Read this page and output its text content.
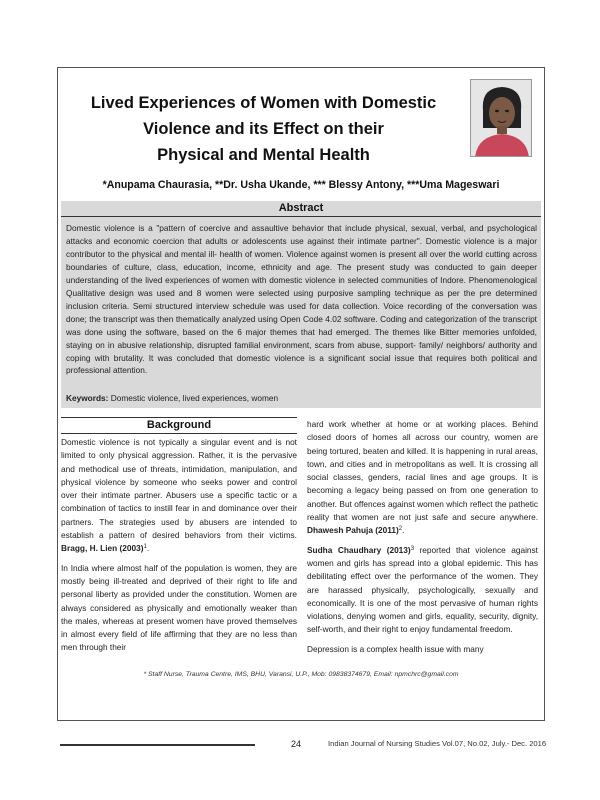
Lived Experiences of Women with Domestic
Violence and its Effect on their
Physical and Mental Health
*Anupama Chaurasia, **Dr. Usha Ukande, *** Blessy Antony, ***Uma Mageswari
Abstract
Domestic violence is a "pattern of coercive and assaultive behavior that include physical, sexual, verbal, and psychological attacks and economic coercion that adults or adolescents use against their intimate partner". Domestic violence is a major contributor to the physical and mental ill- health of women. Violence against women is present all over the world cutting across boundaries of culture, class, education, income, ethnicity and age. The present study was conducted to gain deeper understanding of the lived experiences of women with domestic violence in selected communities of Indore. Phenomenological Qualitative design was used and 8 women were selected using purposive sampling technique as per the pre determined inclusion criteria. Semi structured interview schedule was used for data collection. Voice recording of the conversation was done; the transcript was then thematically analyzed using Open Code 4.02 software. Coding and categorization of the transcript was done using the software, based on the 6 major themes that had emerged. The themes like Bitter memories unfolded, staying on in abusive relationship, disrupted familial environment, scars from abuse, support- family/ neighbors/ authority and coping with brutality. It was concluded that domestic violence is a significant social issue that requires both political and professional attention.
Keywords: Domestic violence, lived experiences, women
Background

Domestic violence is not typically a singular event and is not limited to only physical aggression. Rather, it is the pervasive and methodical use of threats, intimidation, manipulation, and physical violence by someone who seeks power and control over their intimate partner. Abusers use a specific tactic or a combination of tactics to instill fear in and dominance over their partners. The strategies used by abusers are intended to establish a pattern of desired behaviors from their victims. Bragg, H. Lien $(2003)^1$.

In India where almost half of the population is women, they are mostly being ill-treated and deprived of their right to life and personal liberty as provided under the constitution. Women are always considered as physically and emotionally weaker than the males, whereas at present women have proved themselves in almost every field of life affirming that they are no less than men through their

hard work whether at home or at working places. Behind closed doors of homes all across our country, women are being tortured, beaten and killed. It is happening in rural areas, town, and cities and in metropolitans as well. It is crossing all social classes, genders, racial lines and age groups. It is becoming a legacy being passed on from one generation to another. But offences against women which reflect the pathetic reality that women are not just safe and secure anywhere. Dhawesh Pahuja $(2011)^2$.

Sudha Chaudhary $(2013)^3$ reported that violence against women and girls has spread into a global epidemic. This has debilitating effect over the performance of the women. They are harassed physically, psychologically, sexually and economically. It is one of the most pervasive of human rights violations, denying women and girls, equality, security, dignity, self-worth, and their right to enjoy fundamental freedom.

Depression is a complex health issue with many

* Staff Nurse, Trauma Centre, IMS, BHU, Varansi, U.P., Mob: 09838374679, Email: npmchrc@gmail.com
24	Indian Journal of Nursing Studies Vol.07, No.02, July.- Dec. 2016
